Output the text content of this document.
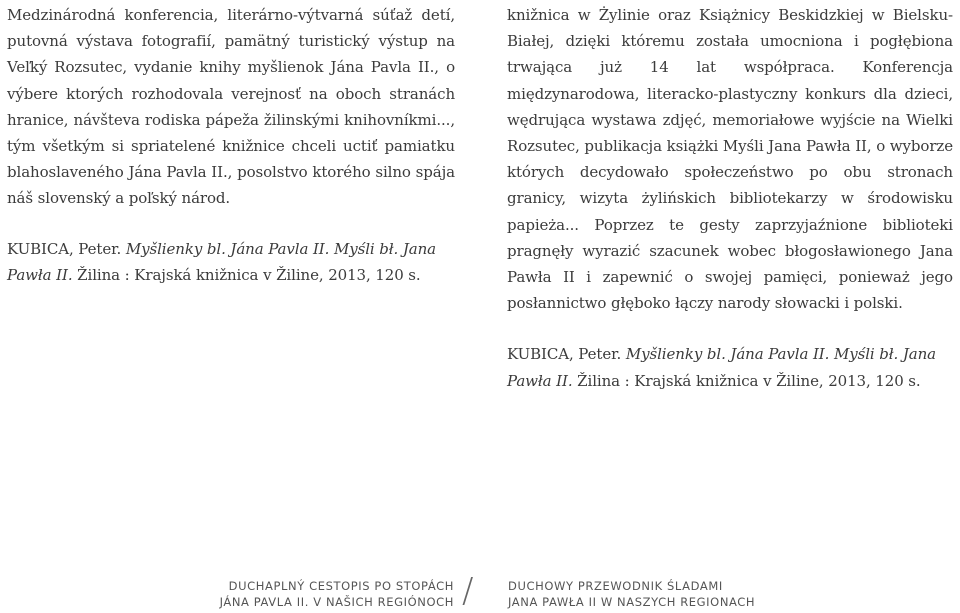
Medzinárodná konferencia, literárno-výtvarná súťaž detí, putovná výstava fotografií, pamätný turistický výstup na Veľký Rozsutec, vydanie knihy myšlienok Jána Pavla II., o výbere ktorých rozhodovala verejnosť na oboch stranách hranice, návšteva rodiska pápeža žilinskými knihovníkmi..., tým všetkým si spriatelené knižnice chceli uctiť pamiatku blahoslaveného Jána Pavla II., posolstvo ktorého silno spája náš slovenský a poľský národ.

KUBICA, Peter. Myšlienky bl. Jána Pavla II. Myśli bł. Jana Pawła II. Žilina : Krajská knižnica v Žiline, 2013, 120 s.

knižnica w Żylinie oraz Książnicy Beskidzkiej w Bielsku-Białej, dzięki któremu została umocniona i pogłębiona trwająca już 14 lat współpraca. Konferencja międzynarodowa, literacko-plastyczny konkurs dla dzieci, wędrująca wystawa zdjęć, memoriałowe wyjście na Wielki Rozsutec, publikacja książki Myśli Jana Pawła II, o wyborze których decydowało społeczeństwo po obu stronach granicy, wizyta żylińskich bibliotekarzy w środowisku papieża... Poprzez te gesty zaprzyjaźnione biblioteki pragnęły wyrazić szacunek wobec błogosławionego Jana Pawła II i zapewnić o swojej pamięci, ponieważ jego posłannictwo głęboko łączy narody słowacki i polski.

KUBICA, Peter. Myšlienky bl. Jána Pavla II. Myśli bł. Jana Pawła II. Žilina : Krajská knižnica v Žiline, 2013, 120 s.

DUCHAPLNÝ CESTOPIS PO STOPÁCH
JÁNA PAVLA II. V NAŠICH REGIÓNOCH /	DUCHOWY PRZEWODNIK ŚLADAMI
JANA PAWŁA II W NASZYCH REGIONACH
